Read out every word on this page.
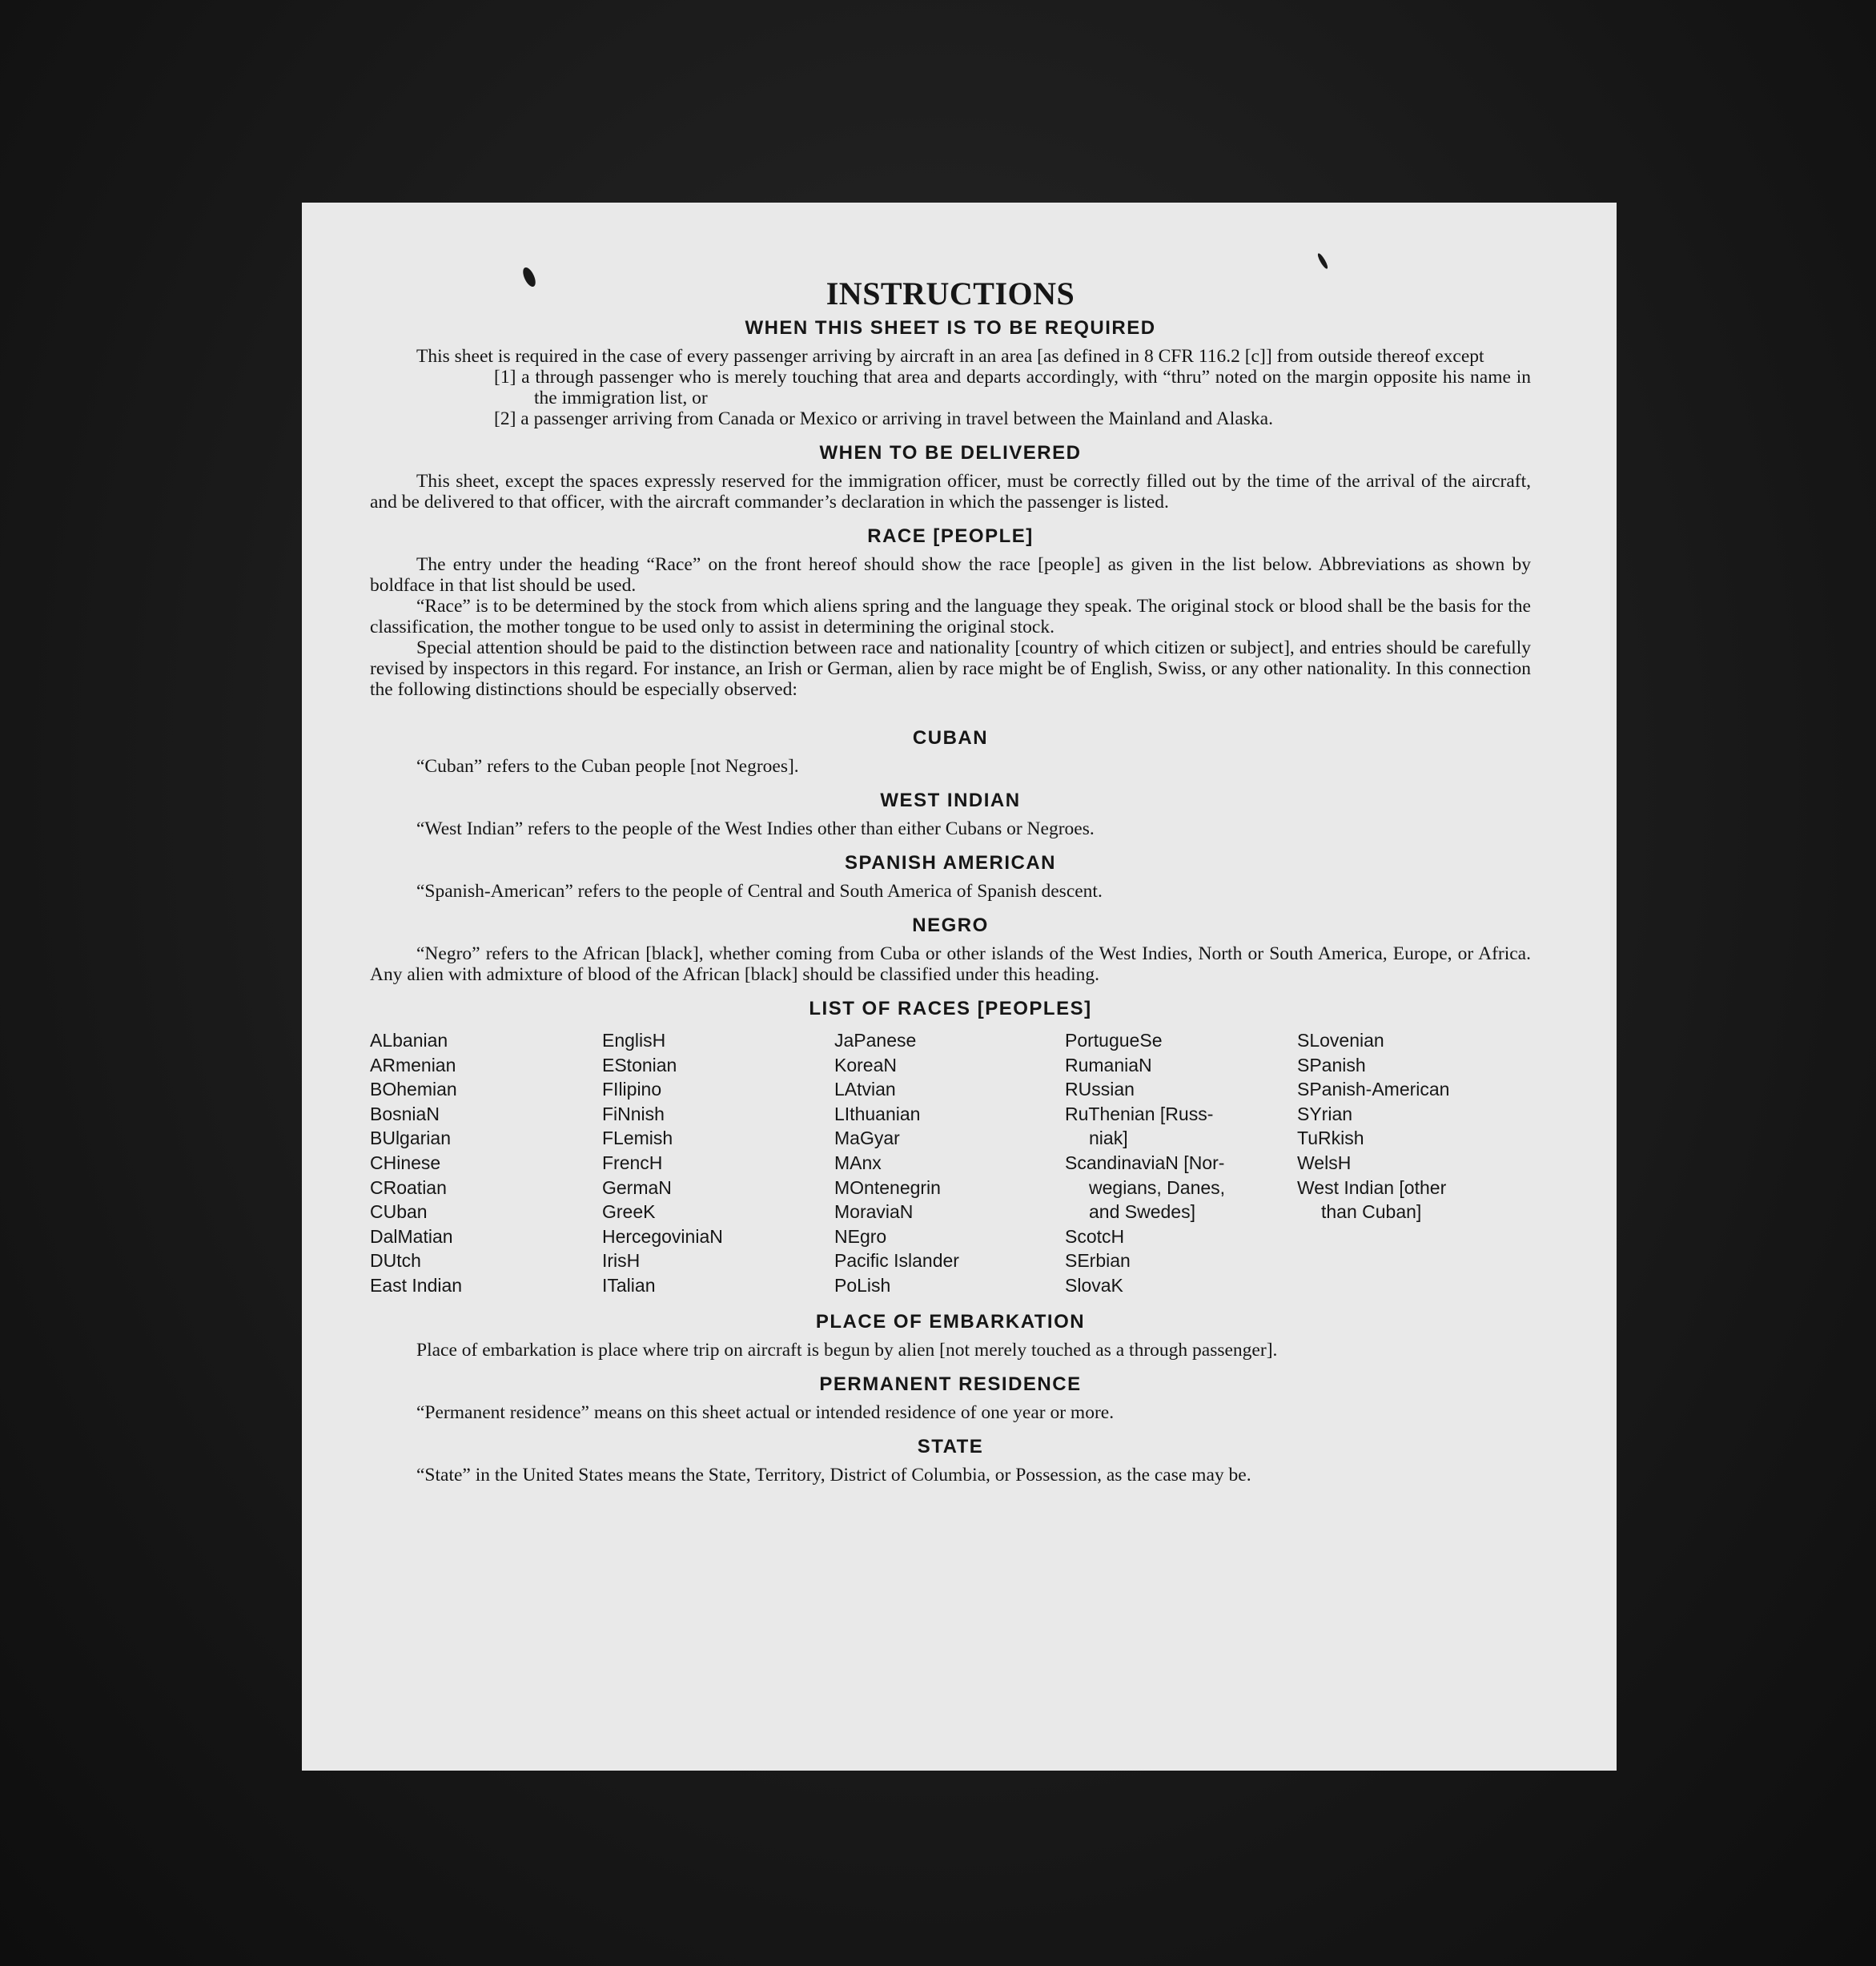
INSTRUCTIONS
WHEN THIS SHEET IS TO BE REQUIRED

This sheet is required in the case of every passenger arriving by aircraft in an area [as defined in 8 CFR 116.2 [c]] from outside thereof except

[1] a through passenger who is merely touching that area and departs accordingly, with “thru” noted on the margin opposite his name in the immigration list, or
[2] a passenger arriving from Canada or Mexico or arriving in travel between the Mainland and Alaska.
WHEN TO BE DELIVERED

This sheet, except the spaces expressly reserved for the immigration officer, must be correctly filled out by the time of the arrival of the aircraft, and be delivered to that officer, with the aircraft commander’s declaration in which the passenger is listed.

RACE [PEOPLE]

The entry under the heading “Race” on the front hereof should show the race [people] as given in the list below. Abbreviations as shown by boldface in that list should be used.

“Race” is to be determined by the stock from which aliens spring and the language they speak. The original stock or blood shall be the basis for the classification, the mother tongue to be used only to assist in determining the original stock.

Special attention should be paid to the distinction between race and nationality [country of which citizen or subject], and entries should be carefully revised by inspectors in this regard. For instance, an Irish or German, alien by race might be of English, Swiss, or any other nationality. In this connection the following distinctions should be especially observed:

CUBAN

“Cuban” refers to the Cuban people [not Negroes].

WEST INDIAN

“West Indian” refers to the people of the West Indies other than either Cubans or Negroes.

SPANISH AMERICAN

“Spanish-American” refers to the people of Central and South America of Spanish descent.

NEGRO

“Negro” refers to the African [black], whether coming from Cuba or other islands of the West Indies, North or South America, Europe, or Africa. Any alien with admixture of blood of the African [black] should be classified under this heading.

LIST OF RACES [PEOPLES]
ALbanian
ARmenian
BOhemian
BosniaN
BUlgarian
CHinese
CRoatian
CUban
DalMatian
DUtch
East Indian
EnglisH
EStonian
FIlipino
FiNnish
FLemish
FrencH
GermaN
GreeK
HercegoviniaN
IrisH
ITalian
JaPanese
KoreaN
LAtvian
LIthuanian
MaGyar
MAnx
MOntenegrin
MoraviaN
NEgro
Pacific Islander
PoLish
PortugueSe
RumaniaN
RUssian
RuThenian [Russ-
niak]
ScandinaviaN [Nor-
wegians, Danes,
and Swedes]
ScotcH
SErbian
SlovaK
SLovenian
SPanish
SPanish-American
SYrian
TuRkish
WelsH
West Indian [other
than Cuban]
PLACE OF EMBARKATION

Place of embarkation is place where trip on aircraft is begun by alien [not merely touched as a through passenger].

PERMANENT RESIDENCE

“Permanent residence” means on this sheet actual or intended residence of one year or more.

STATE

“State” in the United States means the State, Territory, District of Columbia, or Possession, as the case may be.
